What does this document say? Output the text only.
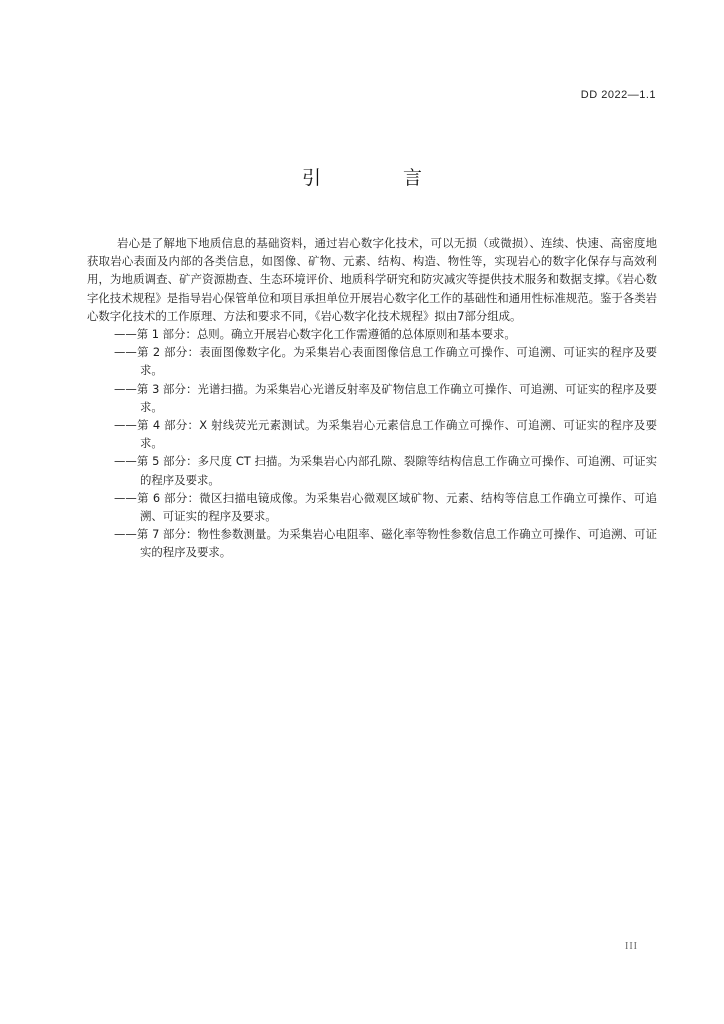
DD 2022—1.1
引 言

岩心是了解地下地质信息的基础资料，通过岩心数字化技术，可以无损（或微损）、连续、快速、高密度地获取岩心表面及内部的各类信息，如图像、矿物、元素、结构、构造、物性等，实现岩心的数字化保存与高效利用，为地质调查、矿产资源勘查、生态环境评价、地质科学研究和防灾减灾等提供技术服务和数据支撑。《岩心数字化技术规程》是指导岩心保管单位和项目承担单位开展岩心数字化工作的基础性和通用性标准规范。鉴于各类岩心数字化技术的工作原理、方法和要求不同，《岩心数字化技术规程》拟由7部分组成。

——第 1 部分：总则。确立开展岩心数字化工作需遵循的总体原则和基本要求。
——第 2 部分：表面图像数字化。为采集岩心表面图像信息工作确立可操作、可追溯、可证实的程序及要求。
——第 3 部分：光谱扫描。为采集岩心光谱反射率及矿物信息工作确立可操作、可追溯、可证实的程序及要求。
——第 4 部分：X 射线荧光元素测试。为采集岩心元素信息工作确立可操作、可追溯、可证实的程序及要求。
——第 5 部分：多尺度 CT 扫描。为采集岩心内部孔隙、裂隙等结构信息工作确立可操作、可追溯、可证实的程序及要求。
——第 6 部分：微区扫描电镜成像。为采集岩心微观区域矿物、元素、结构等信息工作确立可操作、可追溯、可证实的程序及要求。
——第 7 部分：物性参数测量。为采集岩心电阻率、磁化率等物性参数信息工作确立可操作、可追溯、可证实的程序及要求。
III
